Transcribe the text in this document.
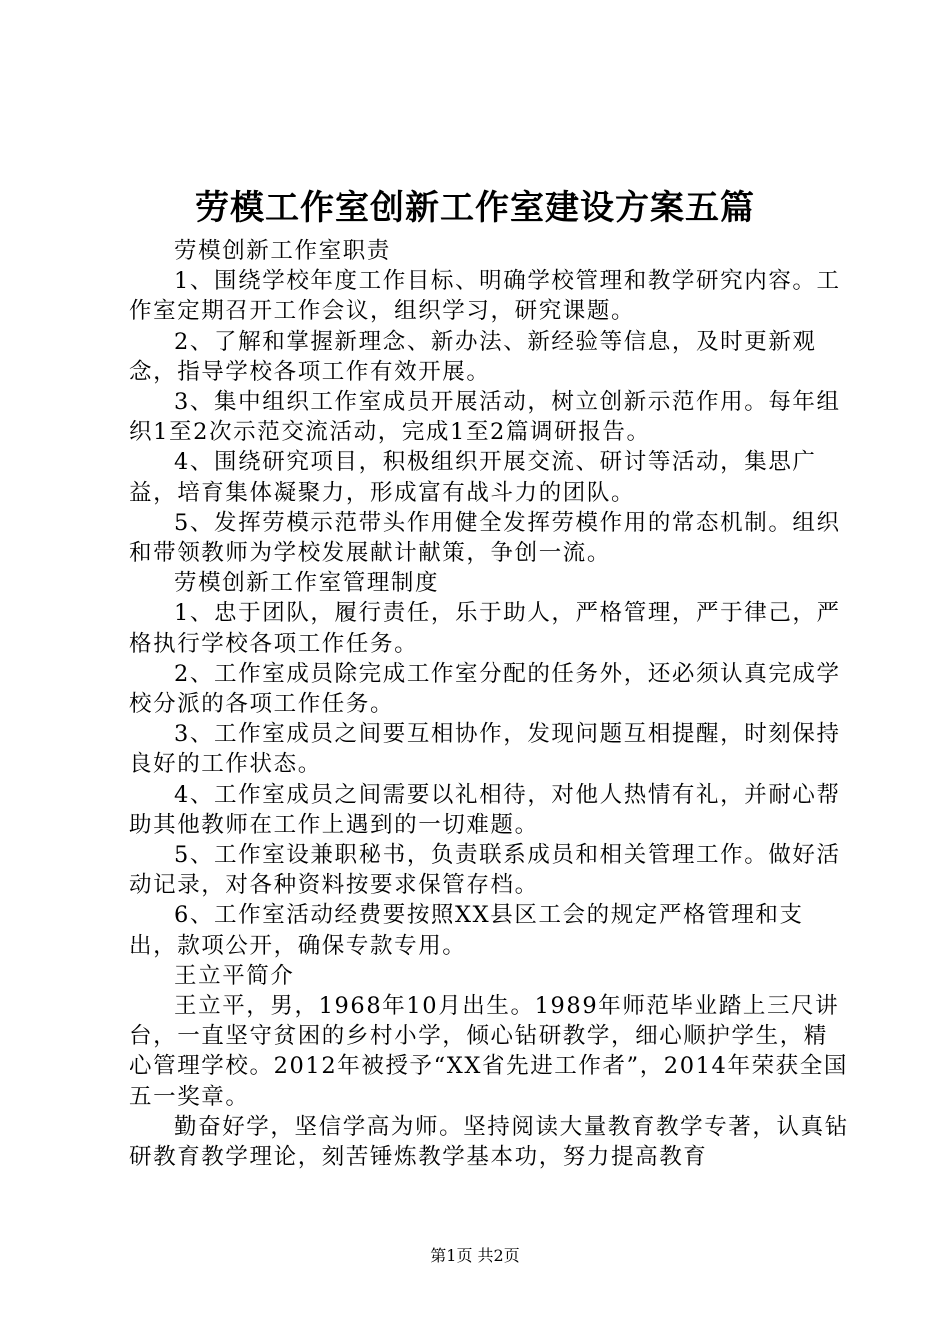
劳模工作室创新工作室建设方案五篇

劳模创新工作室职责

1、围绕学校年度工作目标、明确学校管理和教学研究内容。工作室定期召开工作会议，组织学习，研究课题。

2、了解和掌握新理念、新办法、新经验等信息，及时更新观念，指导学校各项工作有效开展。

3、集中组织工作室成员开展活动，树立创新示范作用。每年组织1至2次示范交流活动，完成1至2篇调研报告。

4、围绕研究项目，积极组织开展交流、研讨等活动，集思广益，培育集体凝聚力，形成富有战斗力的团队。

5、发挥劳模示范带头作用健全发挥劳模作用的常态机制。组织和带领教师为学校发展献计献策，争创一流。

劳模创新工作室管理制度

1、忠于团队，履行责任，乐于助人，严格管理，严于律己，严格执行学校各项工作任务。

2、工作室成员除完成工作室分配的任务外，还必须认真完成学校分派的各项工作任务。

3、工作室成员之间要互相协作，发现问题互相提醒，时刻保持良好的工作状态。

4、工作室成员之间需要以礼相待，对他人热情有礼，并耐心帮助其他教师在工作上遇到的一切难题。

5、工作室设兼职秘书，负责联系成员和相关管理工作。做好活动记录，对各种资料按要求保管存档。

6、工作室活动经费要按照XX县区工会的规定严格管理和支出，款项公开，确保专款专用。

王立平简介

王立平，男，1968年10月出生。1989年师范毕业踏上三尺讲台，一直坚守贫困的乡村小学，倾心钻研教学，细心顺护学生，精心管理学校。2012年被授予“XX省先进工作者”，2014年荣获全国五一奖章。

勤奋好学，坚信学高为师。坚持阅读大量教育教学专著，认真钻研教育教学理论，刻苦锤炼教学基本功，努力提高教育

第1页 共2页
